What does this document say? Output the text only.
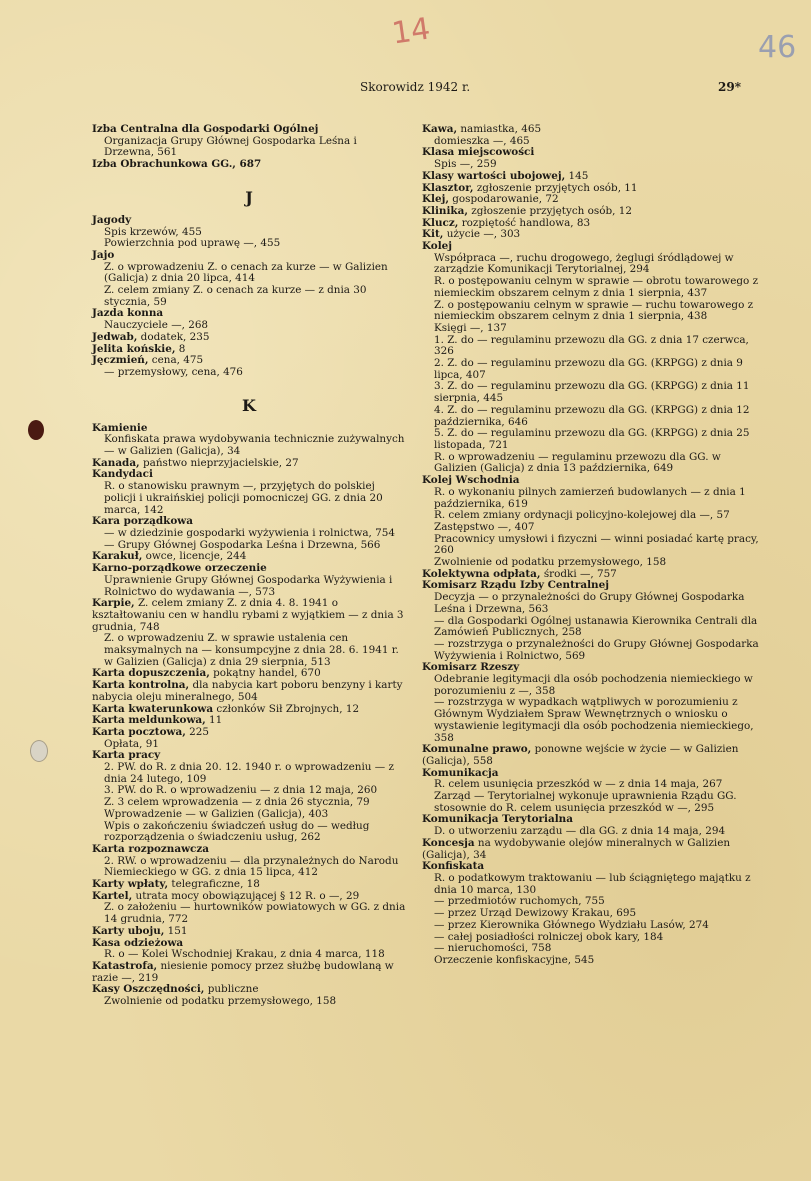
14	46
Skorowidz 1942 r.	29*
Izba Centralna dla Gospodarki Ogólnej
Organizacja Grupy Głównej Gospodarka Leśna i Drzewna, 561
Izba Obrachunkowa GG., 687
J
Jagody
Spis krzewów, 455
Powierzchnia pod uprawę —, 455
Jajo
Z. o wprowadzeniu Z. o cenach za kurze — w Galizien (Galicja) z dnia 20 lipca, 414
Z. celem zmiany Z. o cenach za kurze — z dnia 30 stycznia, 59
Jazda konna
Nauczyciele —, 268
Jedwab, dodatek, 235
Jelita końskie, 8
Jęczmień, cena, 475
— przemysłowy, cena, 476
K
Kamienie
Konfiskata prawa wydobywania technicznie zużywalnych — w Galizien (Galicja), 34
Kanada, państwo nieprzyjacielskie, 27
Kandydaci
R. o stanowisku prawnym —, przyjętych do polskiej policji i ukraińskiej policji pomocniczej GG. z dnia 20 marca, 142
Kara porządkowa
— w dziedzinie gospodarki wyżywienia i rolnictwa, 754
— Grupy Głównej Gospodarka Leśna i Drzewna, 566
Karakuł, owce, licencje, 244
Karno-porządkowe orzeczenie
Uprawnienie Grupy Głównej Gospodarka Wyżywienia i Rolnictwo do wydawania —, 573
Karpie, Z. celem zmiany Z. z dnia 4. 8. 1941 o kształtowaniu cen w handlu rybami z wyjątkiem — z dnia 3 grudnia, 748
Z. o wprowadzeniu Z. w sprawie ustalenia cen maksymalnych na — konsumpcyjne z dnia 28. 6. 1941 r. w Galizien (Galicja) z dnia 29 sierpnia, 513
Karta dopuszczenia, pokątny handel, 670
Karta kontrolna, dla nabycia kart poboru benzyny i karty nabycia oleju mineralnego, 504
Karta kwaterunkowa członków Sił Zbrojnych, 12
Karta meldunkowa, 11
Karta pocztowa, 225
Opłata, 91
Karta pracy
2. PW. do R. z dnia 20. 12. 1940 r. o wprowadzeniu — z dnia 24 lutego, 109
3. PW. do R. o wprowadzeniu — z dnia 12 maja, 260
Z. 3 celem wprowadzenia — z dnia 26 stycznia, 79
Wprowadzenie — w Galizien (Galicja), 403
Wpis o zakończeniu świadczeń usług do — według rozporządzenia o świadczeniu usług, 262
Karta rozpoznawcza
2. RW. o wprowadzeniu — dla przynależnych do Narodu Niemieckiego w GG. z dnia 15 lipca, 412
Karty wpłaty, telegraficzne, 18
Kartel, utrata mocy obowiązującej § 12 R. o —, 29
Z. o założeniu — hurtowników powiatowych w GG. z dnia 14 grudnia, 772
Karty uboju, 151
Kasa odzieżowa
R. o — Kolei Wschodniej Krakau, z dnia 4 marca, 118
Katastrofa, niesienie pomocy przez służbę budowlaną w razie —, 219
Kasy Oszczędności, publiczne
Zwolnienie od podatku przemysłowego, 158
Kawa, namiastka, 465
domieszka —, 465
Klasa miejscowości
Spis —, 259
Klasy wartości ubojowej, 145
Klasztor, zgłoszenie przyjętych osób, 11
Klej, gospodarowanie, 72
Klinika, zgłoszenie przyjętych osób, 12
Klucz, rozpiętość handlowa, 83
Kit, użycie —, 303
Kolej
Współpraca —, ruchu drogowego, żeglugi śródlądowej w zarządzie Komunikacji Terytorialnej, 294
R. o postępowaniu celnym w sprawie — obrotu towarowego z niemieckim obszarem celnym z dnia 1 sierpnia, 437
Z. o postępowaniu celnym w sprawie — ruchu towarowego z niemieckim obszarem celnym z dnia 1 sierpnia, 438
Księgi —, 137
1. Z. do — regulaminu przewozu dla GG. z dnia 17 czerwca, 326
2. Z. do — regulaminu przewozu dla GG. (KRPGG) z dnia 9 lipca, 407
3. Z. do — regulaminu przewozu dla GG. (KRPGG) z dnia 11 sierpnia, 445
4. Z. do — regulaminu przewozu dla GG. (KRPGG) z dnia 12 października, 646
5. Z. do — regulaminu przewozu dla GG. (KRPGG) z dnia 25 listopada, 721
R. o wprowadzeniu — regulaminu przewozu dla GG. w Galizien (Galicja) z dnia 13 października, 649
Kolej Wschodnia
R. o wykonaniu pilnych zamierzeń budowlanych — z dnia 1 października, 619
R. celem zmiany ordynacji policyjno-kolejowej dla —, 57
Zastępstwo —, 407
Pracownicy umysłowi i fizyczni — winni posiadać kartę pracy, 260
Zwolnienie od podatku przemysłowego, 158
Kolektywna odpłata, środki —, 757
Komisarz Rządu Izby Centralnej
Decyzja — o przynależności do Grupy Głównej Gospodarka Leśna i Drzewna, 563
— dla Gospodarki Ogólnej ustanawia Kierownika Centrali dla Zamówień Publicznych, 258
— rozstrzyga o przynależności do Grupy Głównej Gospodarka Wyżywienia i Rolnictwo, 569
Komisarz Rzeszy
Odebranie legitymacji dla osób pochodzenia niemieckiego w porozumieniu z —, 358
— rozstrzyga w wypadkach wątpliwych w porozumieniu z Głównym Wydziałem Spraw Wewnętrznych o wniosku o wystawienie legitymacji dla osób pochodzenia niemieckiego, 358
Komunalne prawo, ponowne wejście w życie — w Galizien (Galicja), 558
Komunikacja
R. celem usunięcia przeszkód w — z dnia 14 maja, 267
Zarząd — Terytorialnej wykonuje uprawnienia Rządu GG. stosownie do R. celem usunięcia przeszkód w —, 295
Komunikacja Terytorialna
D. o utworzeniu zarządu — dla GG. z dnia 14 maja, 294
Koncesja na wydobywanie olejów mineralnych w Galizien (Galicja), 34
Konfiskata
R. o podatkowym traktowaniu — lub ściągniętego majątku z dnia 10 marca, 130
— przedmiotów ruchomych, 755
— przez Urząd Dewizowy Krakau, 695
— przez Kierownika Głównego Wydziału Lasów, 274
— całej posiadłości rolniczej obok kary, 184
— nieruchomości, 758
Orzeczenie konfiskacyjne, 545
